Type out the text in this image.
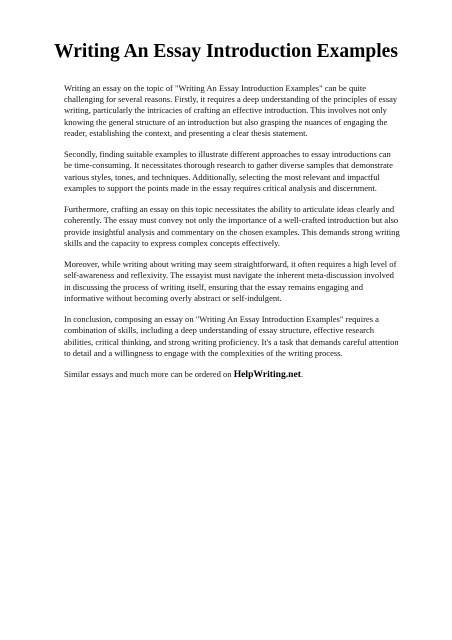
Writing An Essay Introduction Examples

Writing an essay on the topic of "Writing An Essay Introduction Examples" can be quite challenging for several reasons. Firstly, it requires a deep understanding of the principles of essay writing, particularly the intricacies of crafting an effective introduction. This involves not only knowing the general structure of an introduction but also grasping the nuances of engaging the reader, establishing the context, and presenting a clear thesis statement.

Secondly, finding suitable examples to illustrate different approaches to essay introductions can be time-consuming. It necessitates thorough research to gather diverse samples that demonstrate various styles, tones, and techniques. Additionally, selecting the most relevant and impactful examples to support the points made in the essay requires critical analysis and discernment.

Furthermore, crafting an essay on this topic necessitates the ability to articulate ideas clearly and coherently. The essay must convey not only the importance of a well-crafted introduction but also provide insightful analysis and commentary on the chosen examples. This demands strong writing skills and the capacity to express complex concepts effectively.

Moreover, while writing about writing may seem straightforward, it often requires a high level of self-awareness and reflexivity. The essayist must navigate the inherent meta-discussion involved in discussing the process of writing itself, ensuring that the essay remains engaging and informative without becoming overly abstract or self-indulgent.

In conclusion, composing an essay on "Writing An Essay Introduction Examples" requires a combination of skills, including a deep understanding of essay structure, effective research abilities, critical thinking, and strong writing proficiency. It's a task that demands careful attention to detail and a willingness to engage with the complexities of the writing process.

Similar essays and much more can be ordered on HelpWriting.net.
